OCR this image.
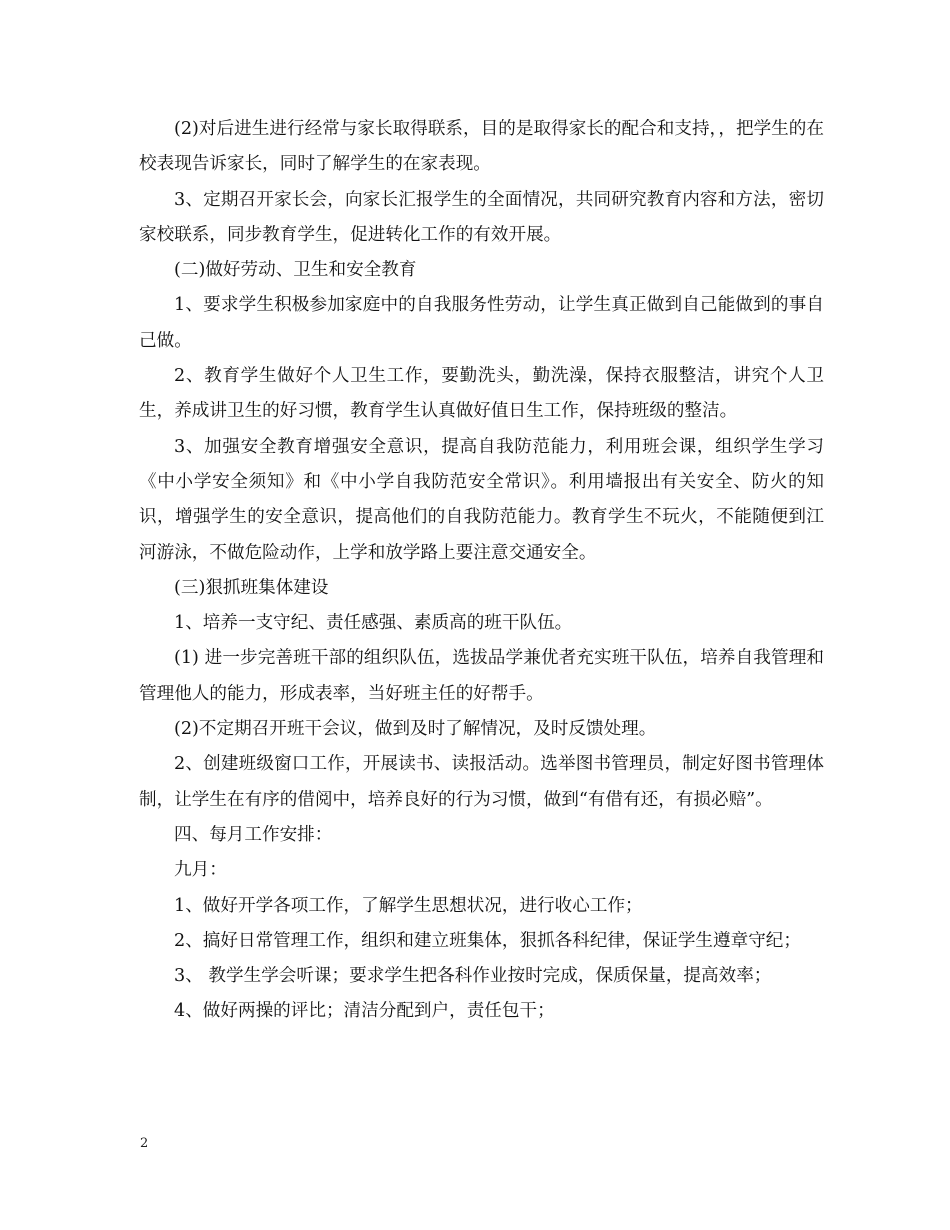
(2)对后进生进行经常与家长取得联系，目的是取得家长的配合和支持，，把学生的在校表现告诉家长，同时了解学生的在家表现。

3、定期召开家长会，向家长汇报学生的全面情况，共同研究教育内容和方法，密切家校联系，同步教育学生，促进转化工作的有效开展。

(二)做好劳动、卫生和安全教育

1、要求学生积极参加家庭中的自我服务性劳动，让学生真正做到自己能做到的事自己做。

2、教育学生做好个人卫生工作，要勤洗头，勤洗澡，保持衣服整洁，讲究个人卫生，养成讲卫生的好习惯，教育学生认真做好值日生工作，保持班级的整洁。

3、加强安全教育增强安全意识，提高自我防范能力，利用班会课，组织学生学习《中小学安全须知》和《中小学自我防范安全常识》。利用墙报出有关安全、防火的知识，增强学生的安全意识，提高他们的自我防范能力。教育学生不玩火，不能随便到江河游泳，不做危险动作，上学和放学路上要注意交通安全。

(三)狠抓班集体建设

1、培养一支守纪、责任感强、素质高的班干队伍。

(1) 进一步完善班干部的组织队伍，选拔品学兼优者充实班干队伍，培养自我管理和管理他人的能力，形成表率，当好班主任的好帮手。

(2)不定期召开班干会议，做到及时了解情况，及时反馈处理。

2、创建班级窗口工作，开展读书、读报活动。选举图书管理员，制定好图书管理体制，让学生在有序的借阅中，培养良好的行为习惯，做到“有借有还，有损必赔”。

四、每月工作安排：

九月：

1、做好开学各项工作，了解学生思想状况，进行收心工作；

2、搞好日常管理工作，组织和建立班集体，狠抓各科纪律，保证学生遵章守纪；

3、 教学生学会听课；要求学生把各科作业按时完成，保质保量，提高效率；

4、做好两操的评比；清洁分配到户，责任包干；

2
